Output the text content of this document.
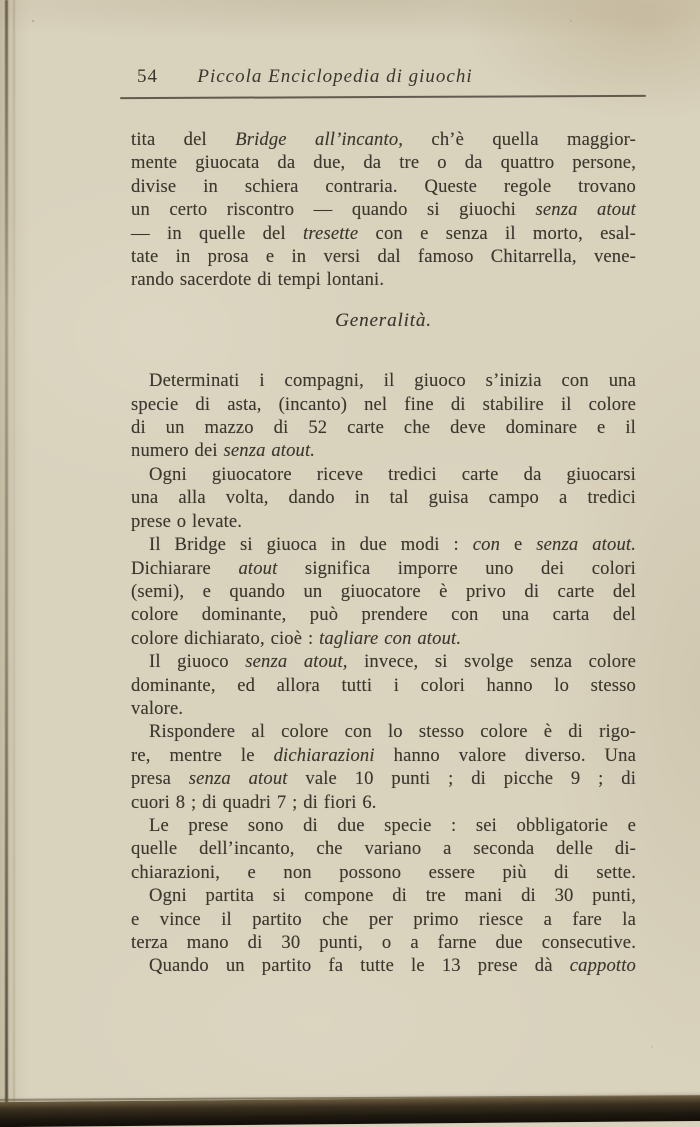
54	Piccola Enciclopedia di giuochi
tita del Bridge all’incanto, ch’è quella maggior-
mente giuocata da due, da tre o da quattro persone,
divise in schiera contraria. Queste regole trovano
un certo riscontro — quando si giuochi senza atout
— in quelle del tresette con e senza il morto, esal-
tate in prosa e in versi dal famoso Chitarrella, vene-
rando sacerdote di tempi lontani.
Generalità.
Determinati i compagni, il giuoco s’inizia con una
specie di asta, (incanto) nel fine di stabilire il colore
di un mazzo di 52 carte che deve dominare e il
numero dei senza atout.
Ogni giuocatore riceve tredici carte da giuocarsi
una alla volta, dando in tal guisa campo a tredici
prese o levate.
Il Bridge si giuoca in due modi : con e senza atout.
Dichiarare atout significa imporre uno dei colori
(semi), e quando un giuocatore è privo di carte del
colore dominante, può prendere con una carta del
colore dichiarato, cioè : tagliare con atout.
Il giuoco senza atout, invece, si svolge senza colore
dominante, ed allora tutti i colori hanno lo stesso
valore.
Rispondere al colore con lo stesso colore è di rigo-
re, mentre le dichiarazioni hanno valore diverso. Una
presa senza atout vale 10 punti ; di picche 9 ; di
cuori 8 ; di quadri 7 ; di fiori 6.
Le prese sono di due specie : sei obbligatorie e
quelle dell’incanto, che variano a seconda delle di-
chiarazioni, e non possono essere più di sette.
Ogni partita si compone di tre mani di 30 punti,
e vince il partito che per primo riesce a fare la
terza mano di 30 punti, o a farne due consecutive.
Quando un partito fa tutte le 13 prese dà cappotto
